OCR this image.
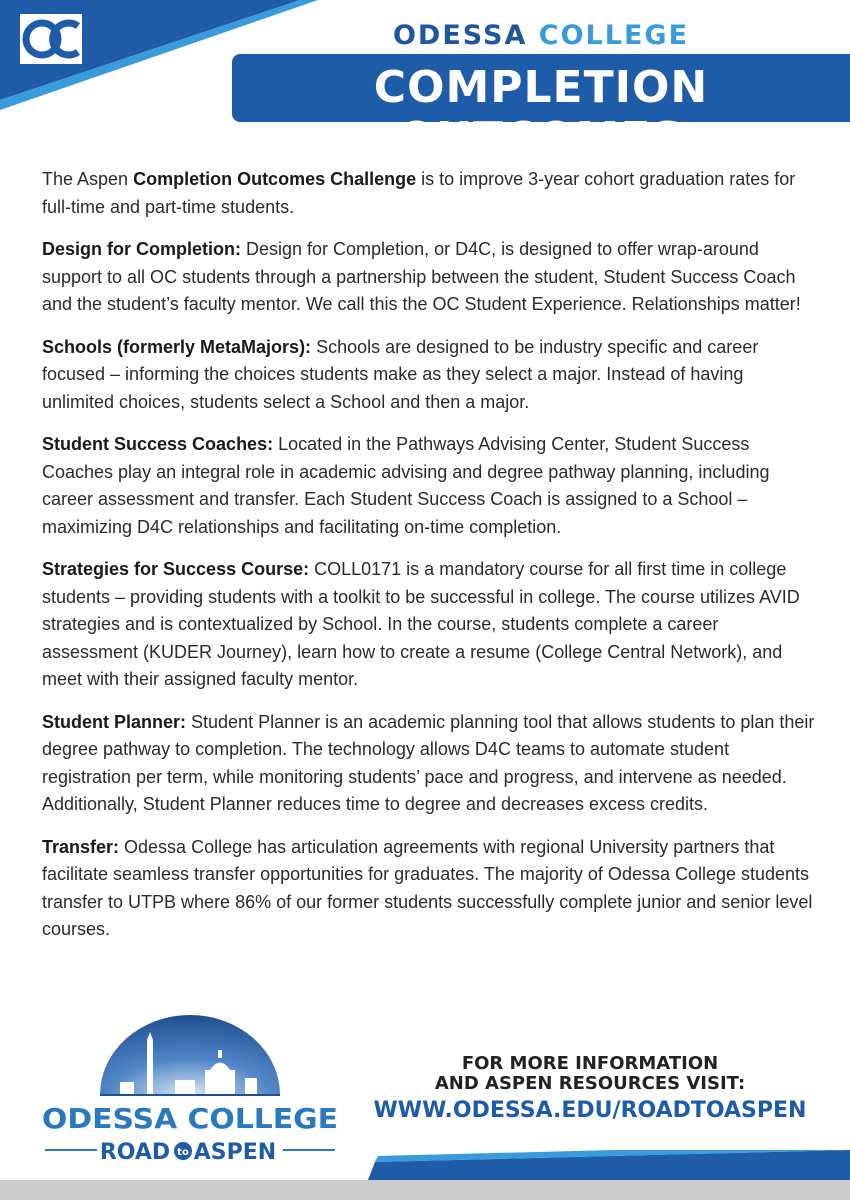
ODESSA COLLEGE
COMPLETION OUTCOMES

The Aspen Completion Outcomes Challenge is to improve 3-year cohort graduation rates for full-time and part-time students.

Design for Completion: Design for Completion, or D4C, is designed to offer wrap-around support to all OC students through a partnership between the student, Student Success Coach and the student’s faculty mentor. We call this the OC Student Experience. Relationships matter!

Schools (formerly MetaMajors): Schools are designed to be industry specific and career focused – informing the choices students make as they select a major. Instead of having unlimited choices, students select a School and then a major.

Student Success Coaches: Located in the Pathways Advising Center, Student Success Coaches play an integral role in academic advising and degree pathway planning, including career assessment and transfer. Each Student Success Coach is assigned to a School – maximizing D4C relationships and facilitating on-time completion.

Strategies for Success Course: COLL0171 is a mandatory course for all first time in college students – providing students with a toolkit to be successful in college. The course utilizes AVID strategies and is contextualized by School. In the course, students complete a career assessment (KUDER Journey), learn how to create a resume (College Central Network), and meet with their assigned faculty mentor.

Student Planner: Student Planner is an academic planning tool that allows students to plan their degree pathway to completion. The technology allows D4C teams to automate student registration per term, while monitoring students’ pace and progress, and intervene as needed. Additionally, Student Planner reduces time to degree and decreases excess credits.

Transfer: Odessa College has articulation agreements with regional University partners that facilitate seamless transfer opportunities for graduates. The majority of Odessa College students transfer to UTPB where 86% of our former students successfully complete junior and senior level courses.

ODESSA COLLEGE
ROAD to ASPEN
FOR MORE INFORMATION
AND ASPEN RESOURCES VISIT:
WWW.ODESSA.EDU/ROADTOASPEN
